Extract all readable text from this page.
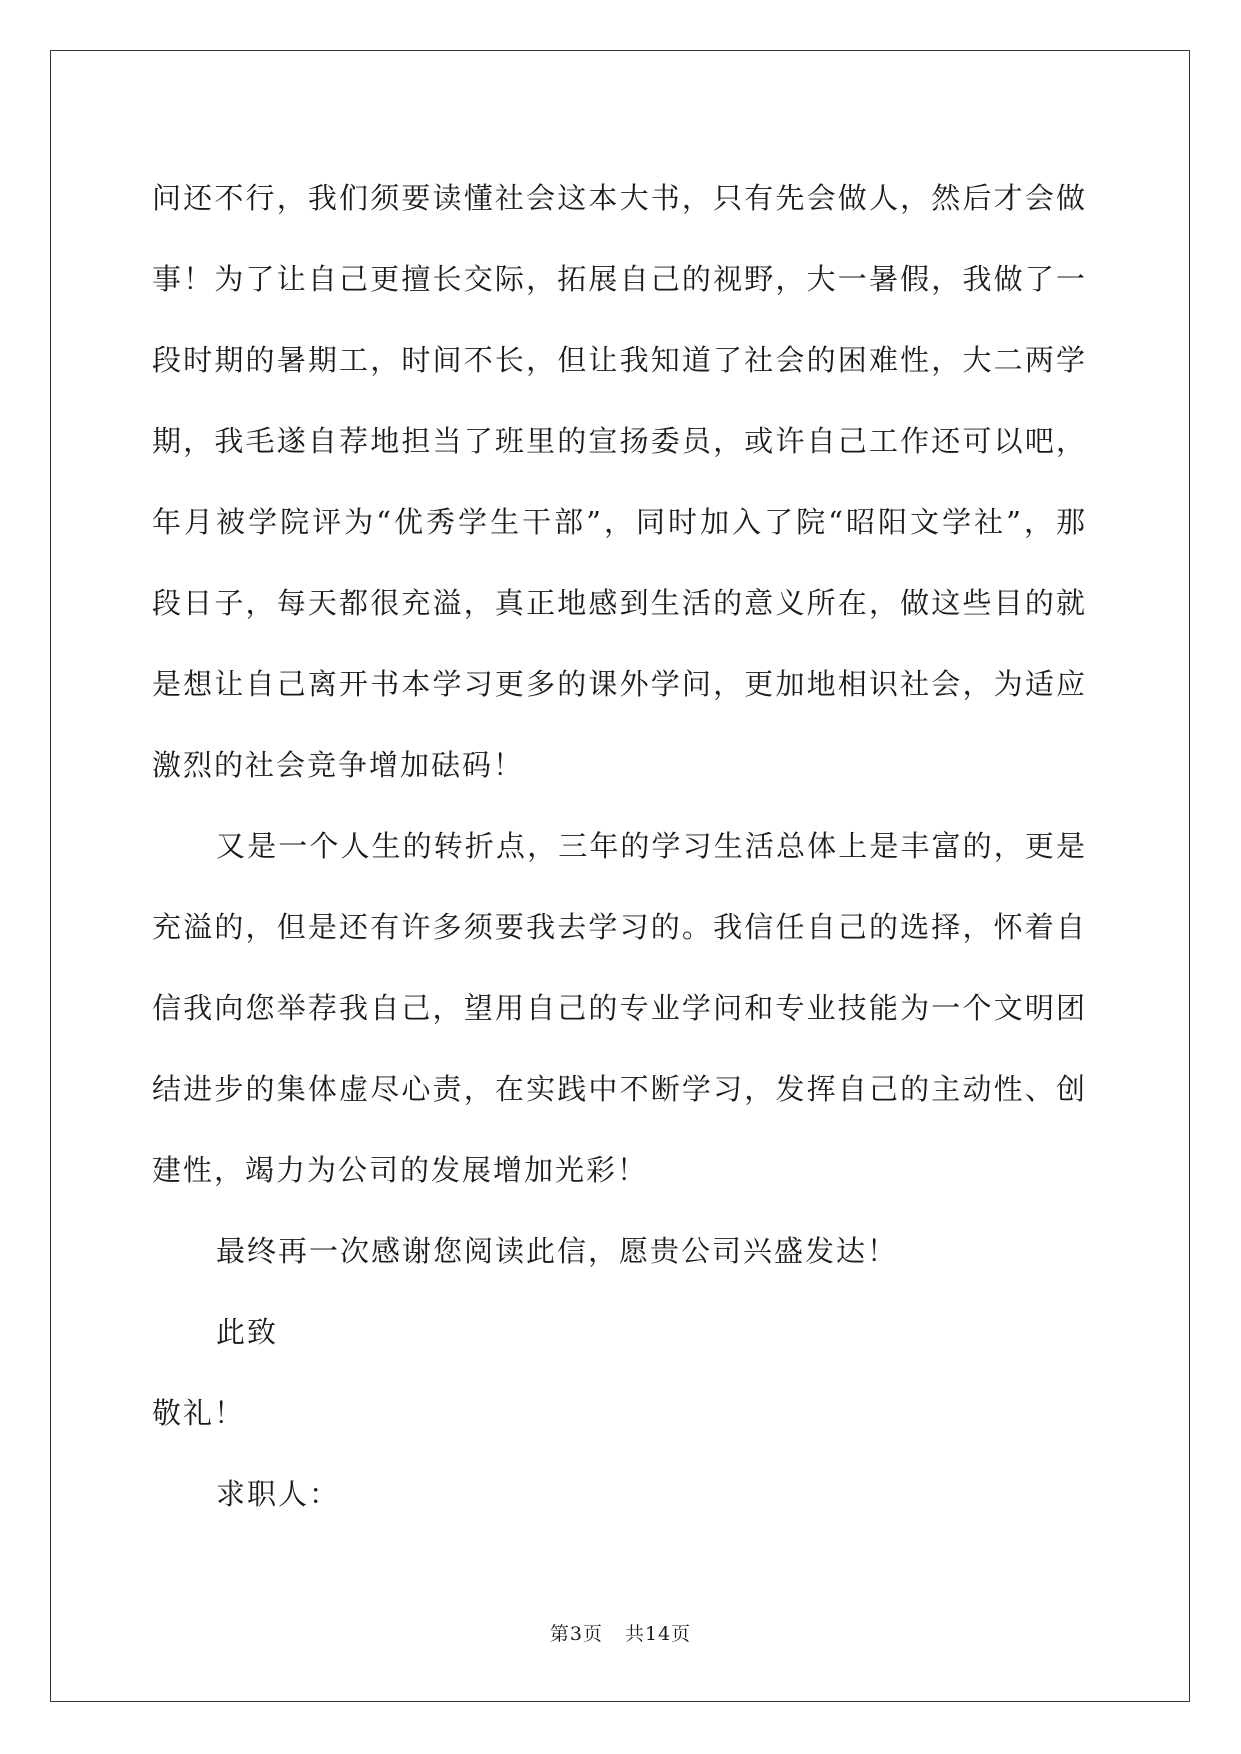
问还不行，我们须要读懂社会这本大书，只有先会做人，然后才会做
事！为了让自己更擅长交际，拓展自己的视野，大一暑假，我做了一
段时期的暑期工，时间不长，但让我知道了社会的困难性，大二两学
期，我毛遂自荐地担当了班里的宣扬委员，或许自己工作还可以吧，
年月被学院评为“优秀学生干部”，同时加入了院“昭阳文学社”，那
段日子，每天都很充溢，真正地感到生活的意义所在，做这些目的就
是想让自己离开书本学习更多的课外学问，更加地相识社会，为适应
激烈的社会竞争增加砝码！

又是一个人生的转折点，三年的学习生活总体上是丰富的，更是
充溢的，但是还有许多须要我去学习的。我信任自己的选择，怀着自
信我向您举荐我自己，望用自己的专业学问和专业技能为一个文明团
结进步的集体虚尽心责，在实践中不断学习，发挥自己的主动性、创
建性，竭力为公司的发展增加光彩！

最终再一次感谢您阅读此信，愿贵公司兴盛发达！

此致

敬礼！

求职人：

第3页 共14页
